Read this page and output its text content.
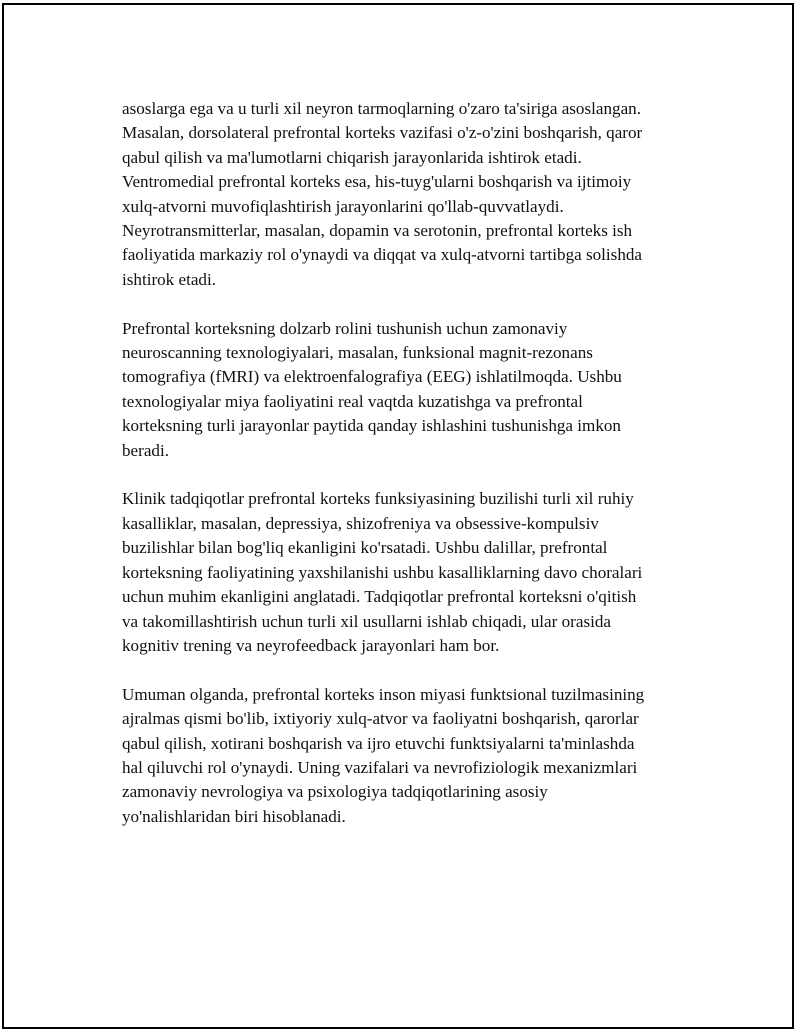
asoslarga ega va u turli xil neyron tarmoqlarning o'zaro ta'siriga asoslangan.
Masalan, dorsolateral prefrontal korteks vazifasi o'z-o'zini boshqarish, qaror
qabul qilish va ma'lumotlarni chiqarish jarayonlarida ishtirok etadi.
Ventromedial prefrontal korteks esa, his-tuyg'ularni boshqarish va ijtimoiy
xulq-atvorni muvofiqlashtirish jarayonlarini qo'llab-quvvatlaydi.
Neyrotransmitterlar, masalan, dopamin va serotonin, prefrontal korteks ish
faoliyatida markaziy rol o'ynaydi va diqqat va xulq-atvorni tartibga solishda
ishtirok etadi.

Prefrontal korteksning dolzarb rolini tushunish uchun zamonaviy
neuroscanning texnologiyalari, masalan, funksional magnit-rezonans
tomografiya (fMRI) va elektroenfalografiya (EEG) ishlatilmoqda. Ushbu
texnologiyalar miya faoliyatini real vaqtda kuzatishga va prefrontal
korteksning turli jarayonlar paytida qanday ishlashini tushunishga imkon
beradi.

Klinik tadqiqotlar prefrontal korteks funksiyasining buzilishi turli xil ruhiy
kasalliklar, masalan, depressiya, shizofreniya va obsessive-kompulsiv
buzilishlar bilan bog'liq ekanligini ko'rsatadi. Ushbu dalillar, prefrontal
korteksning faoliyatining yaxshilanishi ushbu kasalliklarning davo choralari
uchun muhim ekanligini anglatadi. Tadqiqotlar prefrontal korteksni o'qitish
va takomillashtirish uchun turli xil usullarni ishlab chiqadi, ular orasida
kognitiv trening va neyrofeedback jarayonlari ham bor.

Umuman olganda, prefrontal korteks inson miyasi funktsional tuzilmasining
ajralmas qismi bo'lib, ixtiyoriy xulq-atvor va faoliyatni boshqarish, qarorlar
qabul qilish, xotirani boshqarish va ijro etuvchi funktsiyalarni ta'minlashda
hal qiluvchi rol o'ynaydi. Uning vazifalari va nevrofiziologik mexanizmlari
zamonaviy nevrologiya va psixologiya tadqiqotlarining asosiy
yo'nalishlaridan biri hisoblanadi.
